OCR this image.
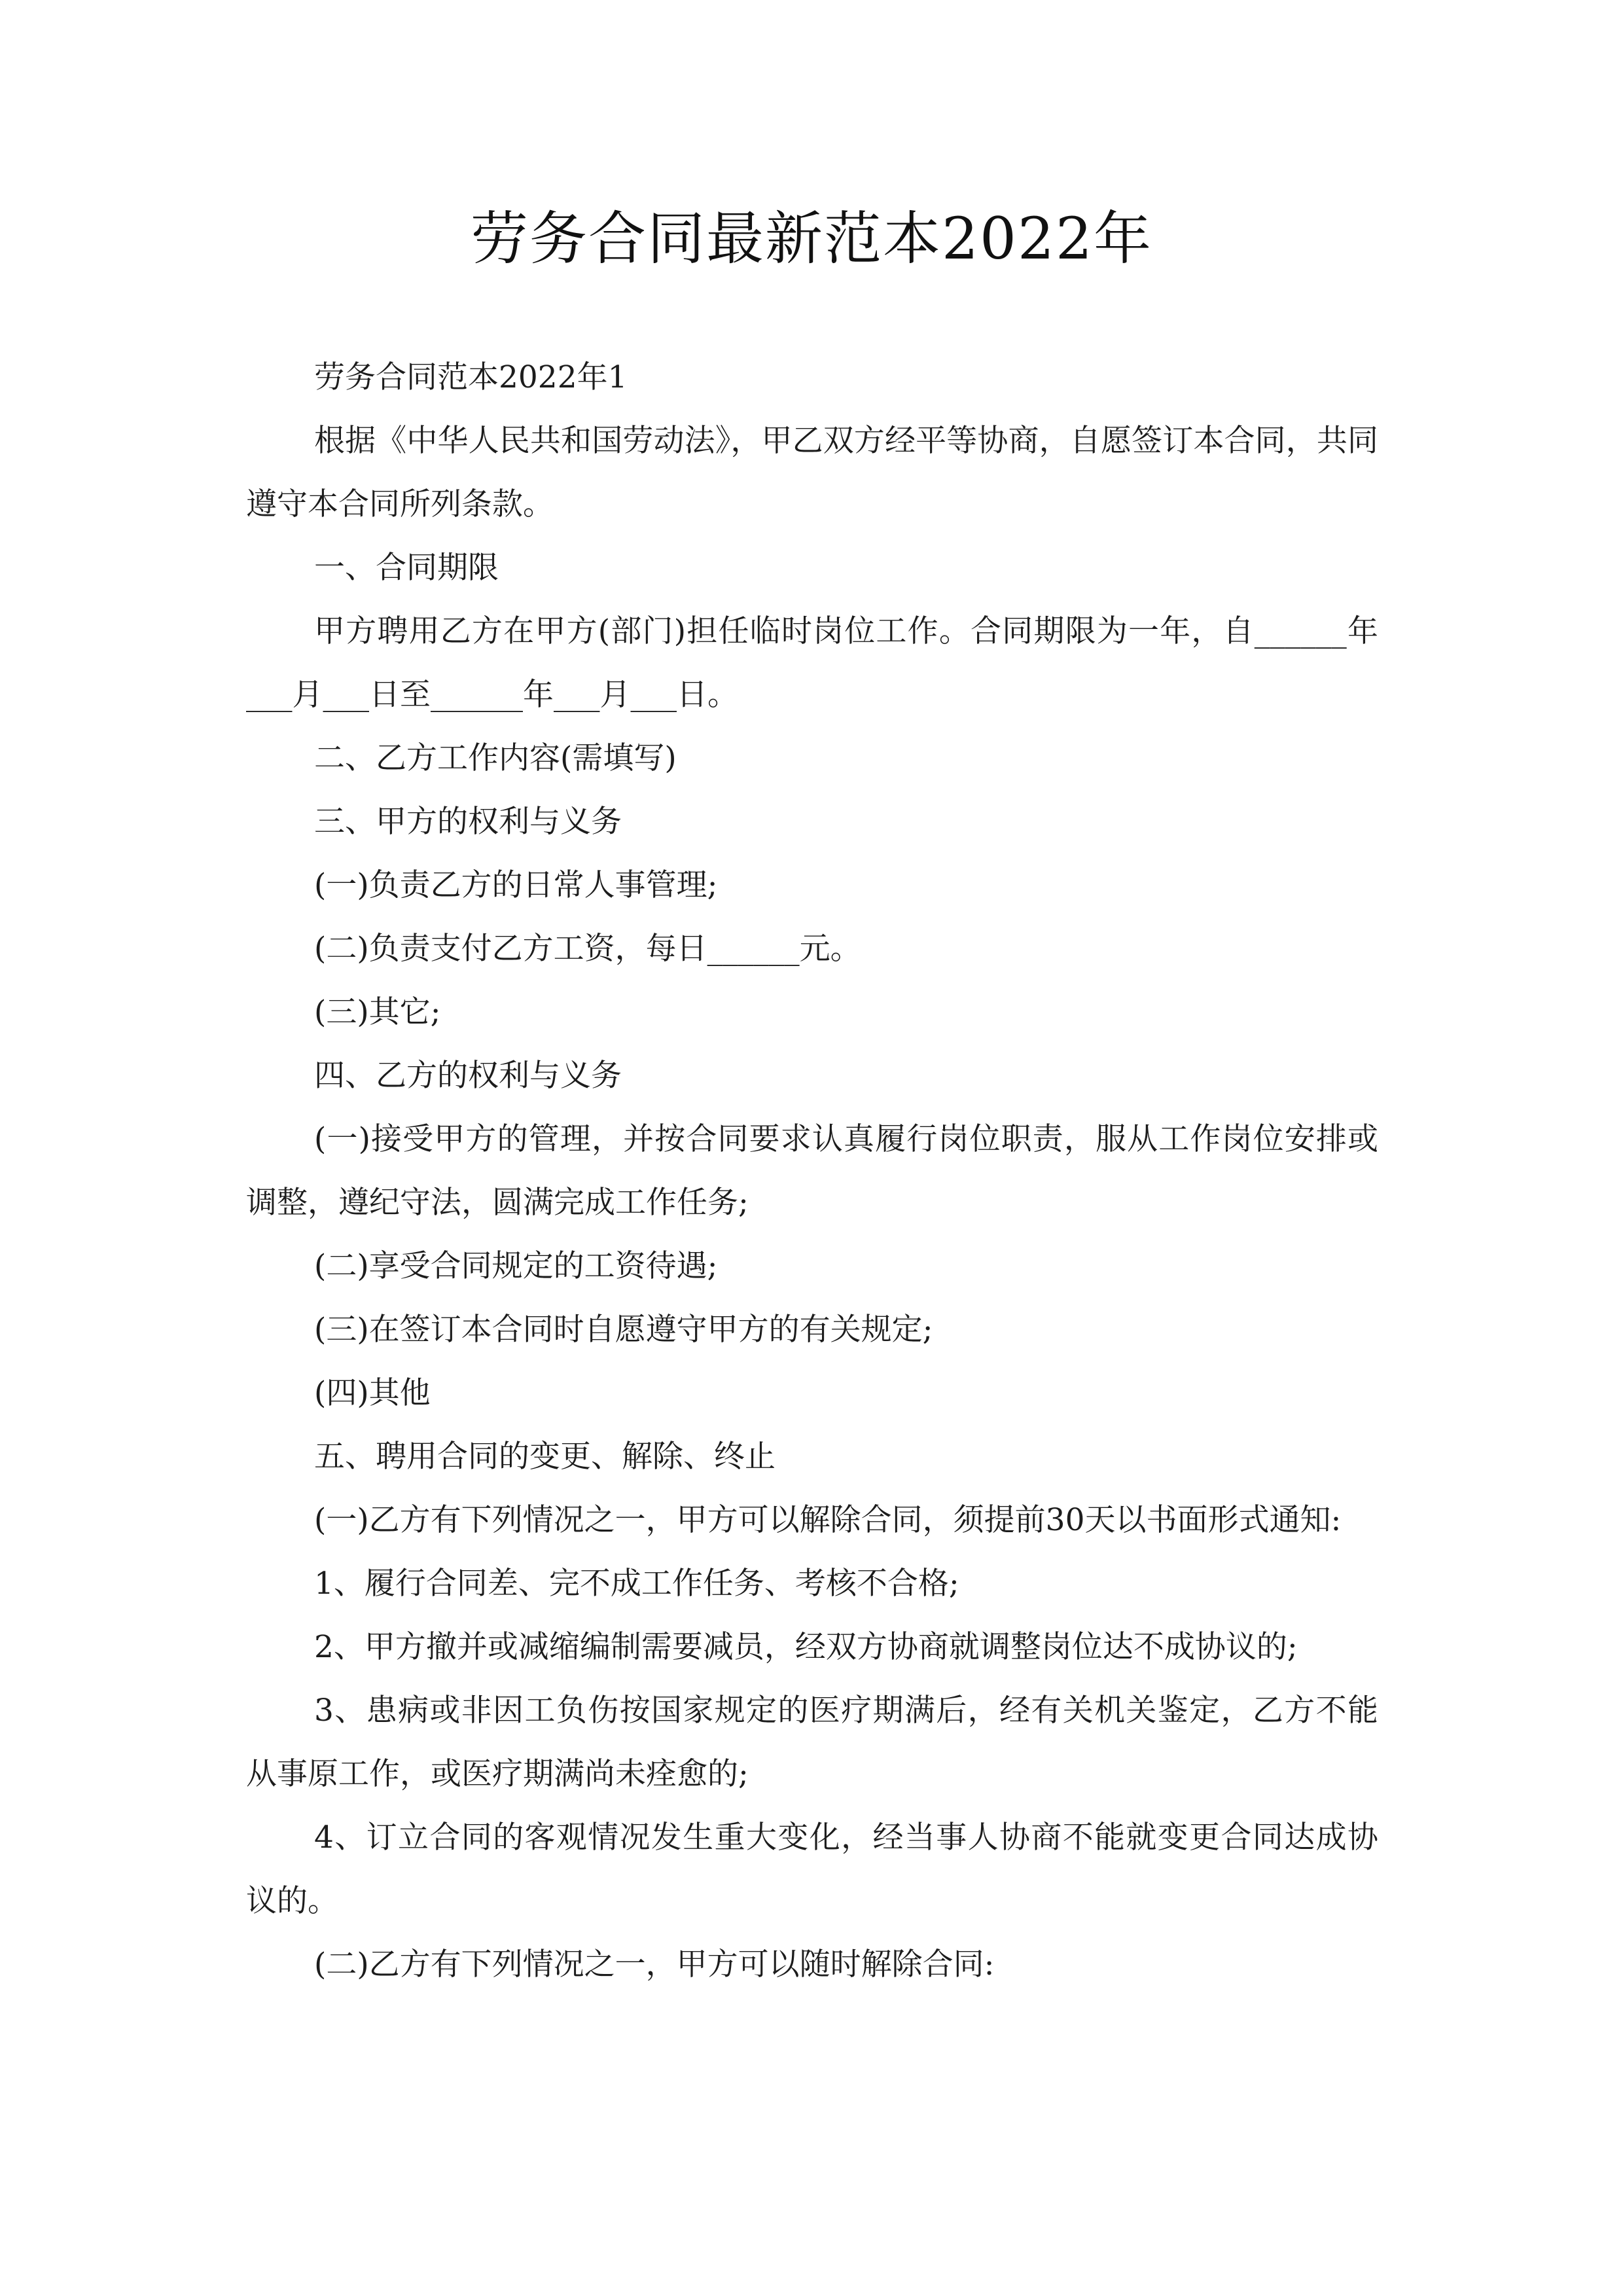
劳务合同最新范本2022年

劳务合同范本2022年1

根据《中华人民共和国劳动法》，甲乙双方经平等协商，自愿签订本合同，共同遵守本合同所列条款。

一、合同期限

甲方聘用乙方在甲方(部门)担任临时岗位工作。合同期限为一年，自______年___月___日至______年___月___日。

二、乙方工作内容(需填写)

三、甲方的权利与义务

(一)负责乙方的日常人事管理;

(二)负责支付乙方工资，每日______元。

(三)其它;

四、乙方的权利与义务

(一)接受甲方的管理，并按合同要求认真履行岗位职责，服从工作岗位安排或调整，遵纪守法，圆满完成工作任务;

(二)享受合同规定的工资待遇;

(三)在签订本合同时自愿遵守甲方的有关规定;

(四)其他

五、聘用合同的变更、解除、终止

(一)乙方有下列情况之一，甲方可以解除合同，须提前30天以书面形式通知:

1、履行合同差、完不成工作任务、考核不合格;

2、甲方撤并或减缩编制需要减员，经双方协商就调整岗位达不成协议的;

3、患病或非因工负伤按国家规定的医疗期满后，经有关机关鉴定，乙方不能从事原工作，或医疗期满尚未痊愈的;

4、订立合同的客观情况发生重大变化，经当事人协商不能就变更合同达成协议的。

(二)乙方有下列情况之一，甲方可以随时解除合同:
